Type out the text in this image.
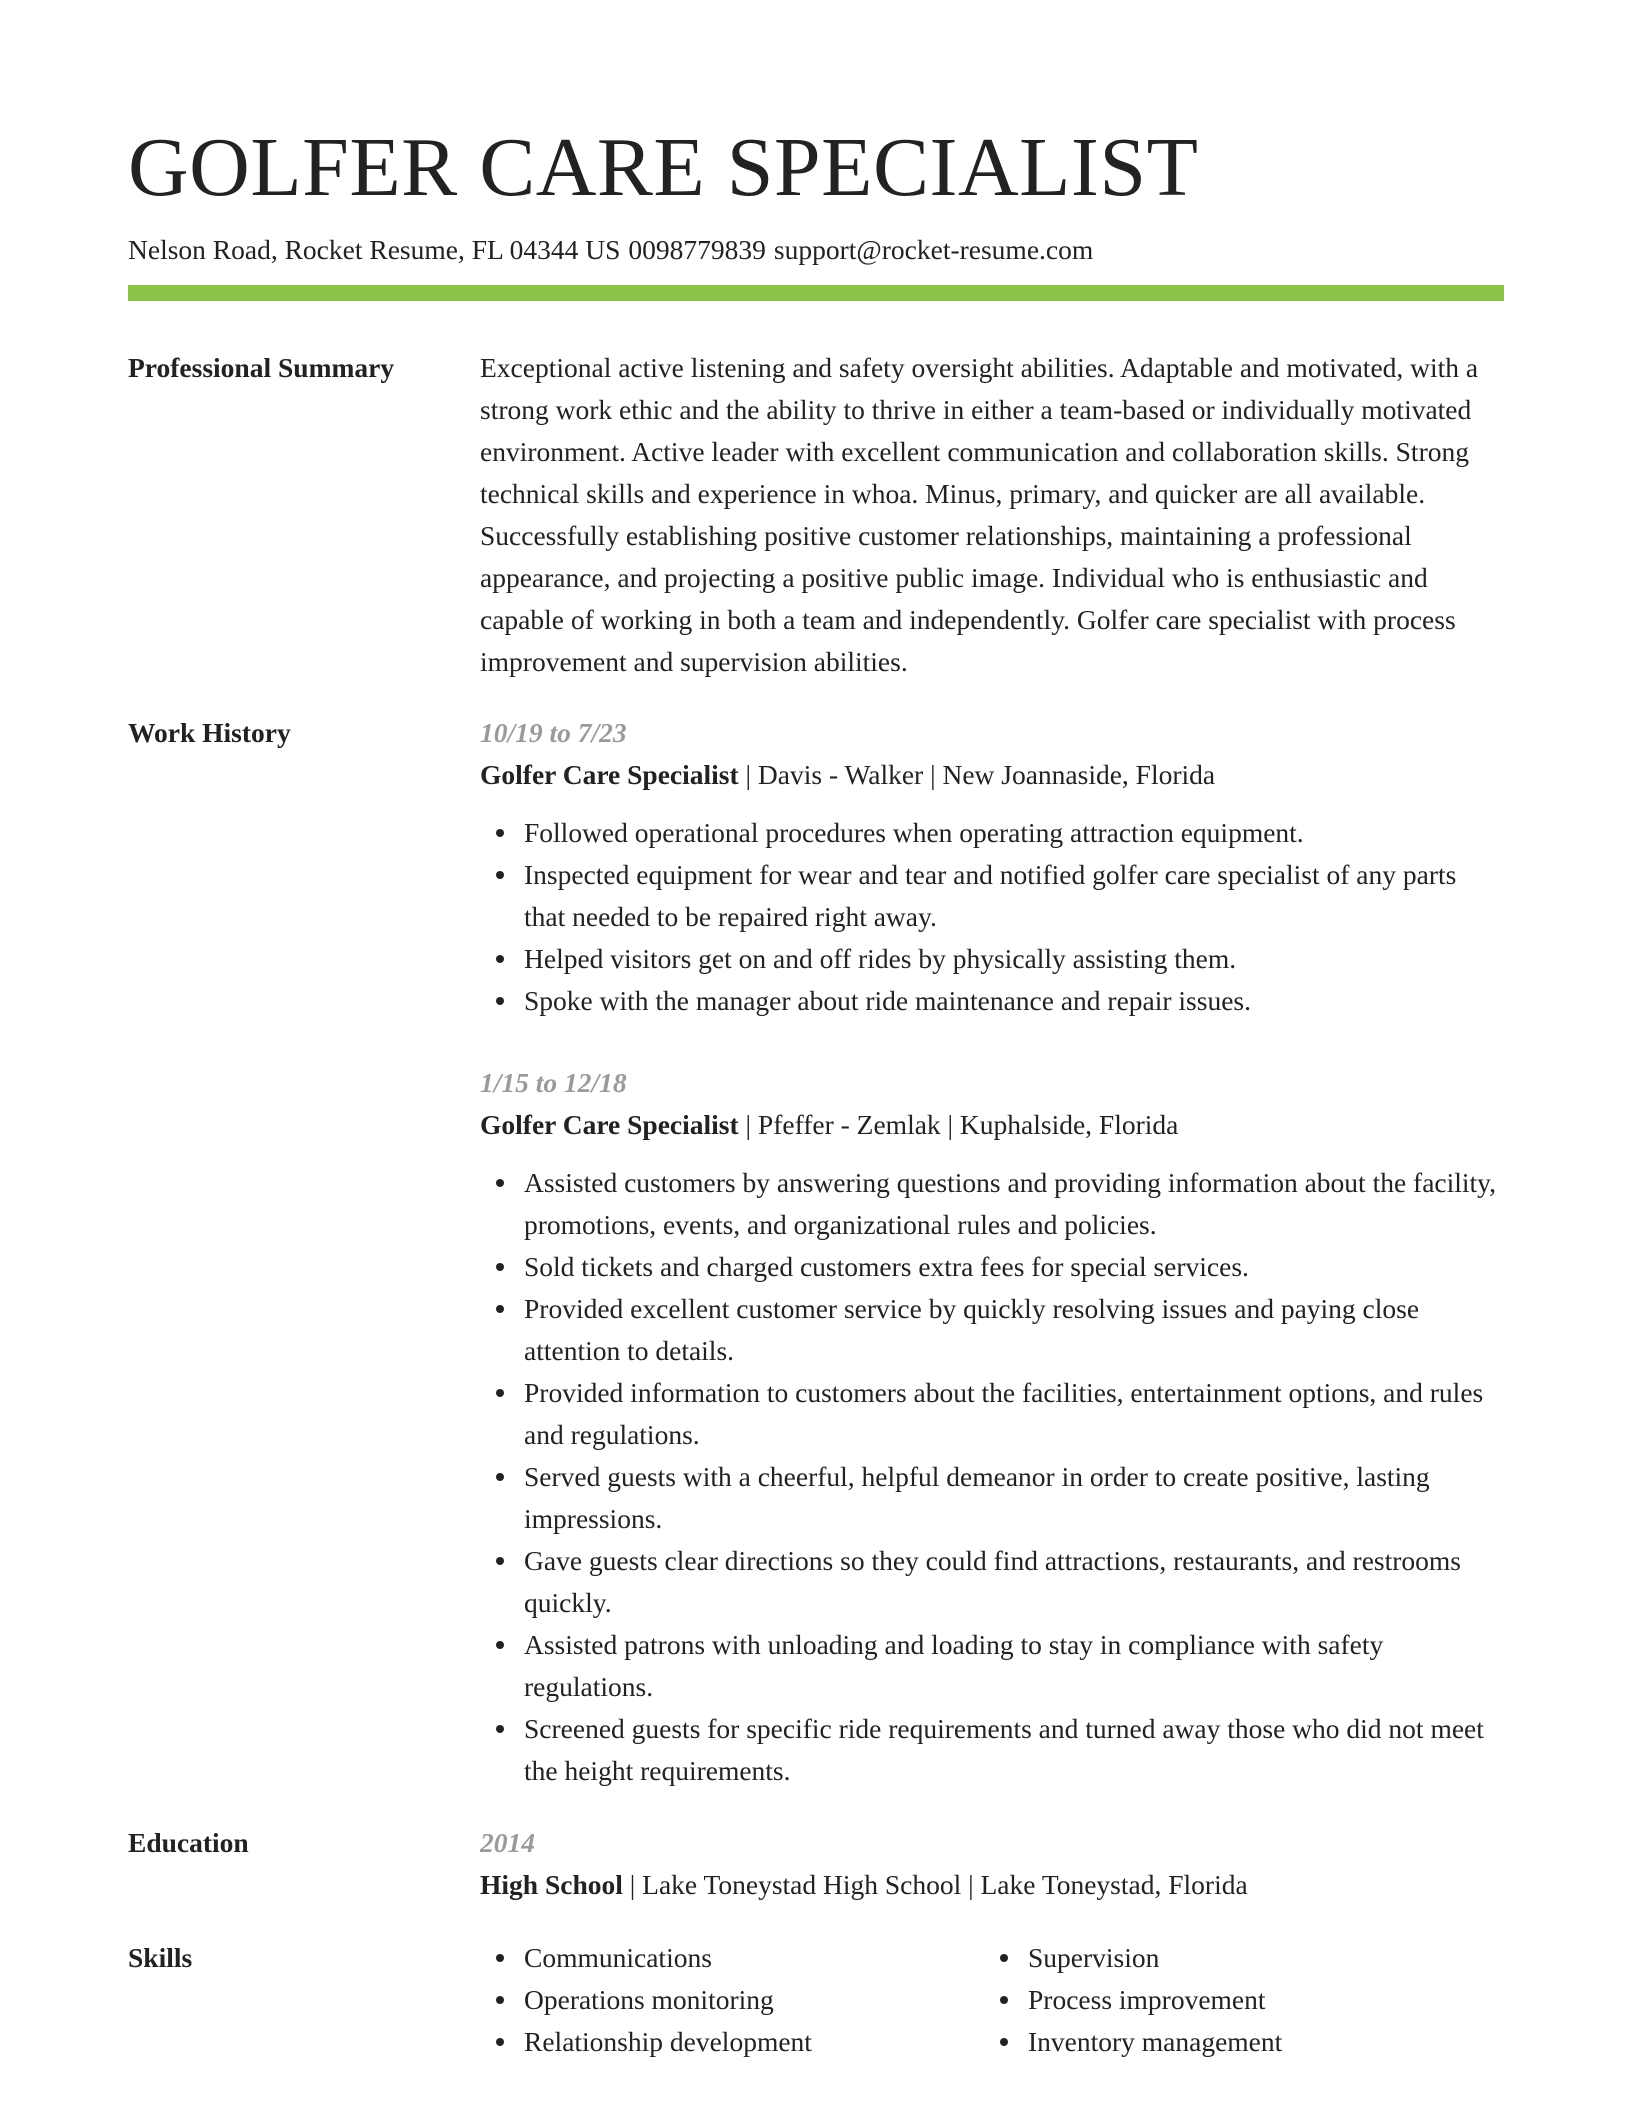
GOLFER CARE SPECIALIST
Nelson Road, Rocket Resume, FL 04344 US 0098779839 support@rocket-resume.com
Professional Summary	Exceptional active listening and safety oversight abilities. Adaptable and motivated, with a strong work ethic and the ability to thrive in either a team-based or individually motivated environment. Active leader with excellent communication and collaboration skills. Strong technical skills and experience in whoa. Minus, primary, and quicker are all available. Successfully establishing positive customer relationships, maintaining a professional appearance, and projecting a positive public image. Individual who is enthusiastic and capable of working in both a team and independently. Golfer care specialist with process improvement and supervision abilities.

Work History	10/19 to 7/23
Golfer Care Specialist | Davis - Walker | New Joannaside, Florida
Followed operational procedures when operating attraction equipment.
Inspected equipment for wear and tear and notified golfer care specialist of any parts that needed to be repaired right away.
Helped visitors get on and off rides by physically assisting them.
Spoke with the manager about ride maintenance and repair issues.
1/15 to 12/18
Golfer Care Specialist | Pfeffer - Zemlak | Kuphalside, Florida
Assisted customers by answering questions and providing information about the facility, promotions, events, and organizational rules and policies.
Sold tickets and charged customers extra fees for special services.
Provided excellent customer service by quickly resolving issues and paying close attention to details.
Provided information to customers about the facilities, entertainment options, and rules and regulations.
Served guests with a cheerful, helpful demeanor in order to create positive, lasting impressions.
Gave guests clear directions so they could find attractions, restaurants, and restrooms quickly.
Assisted patrons with unloading and loading to stay in compliance with safety regulations.
Screened guests for specific ride requirements and turned away those who did not meet the height requirements.
Education	2014
High School | Lake Toneystad High School | Lake Toneystad, Florida
Skills	Communications
Operations monitoring
Relationship development
Supervision
Process improvement
Inventory management
